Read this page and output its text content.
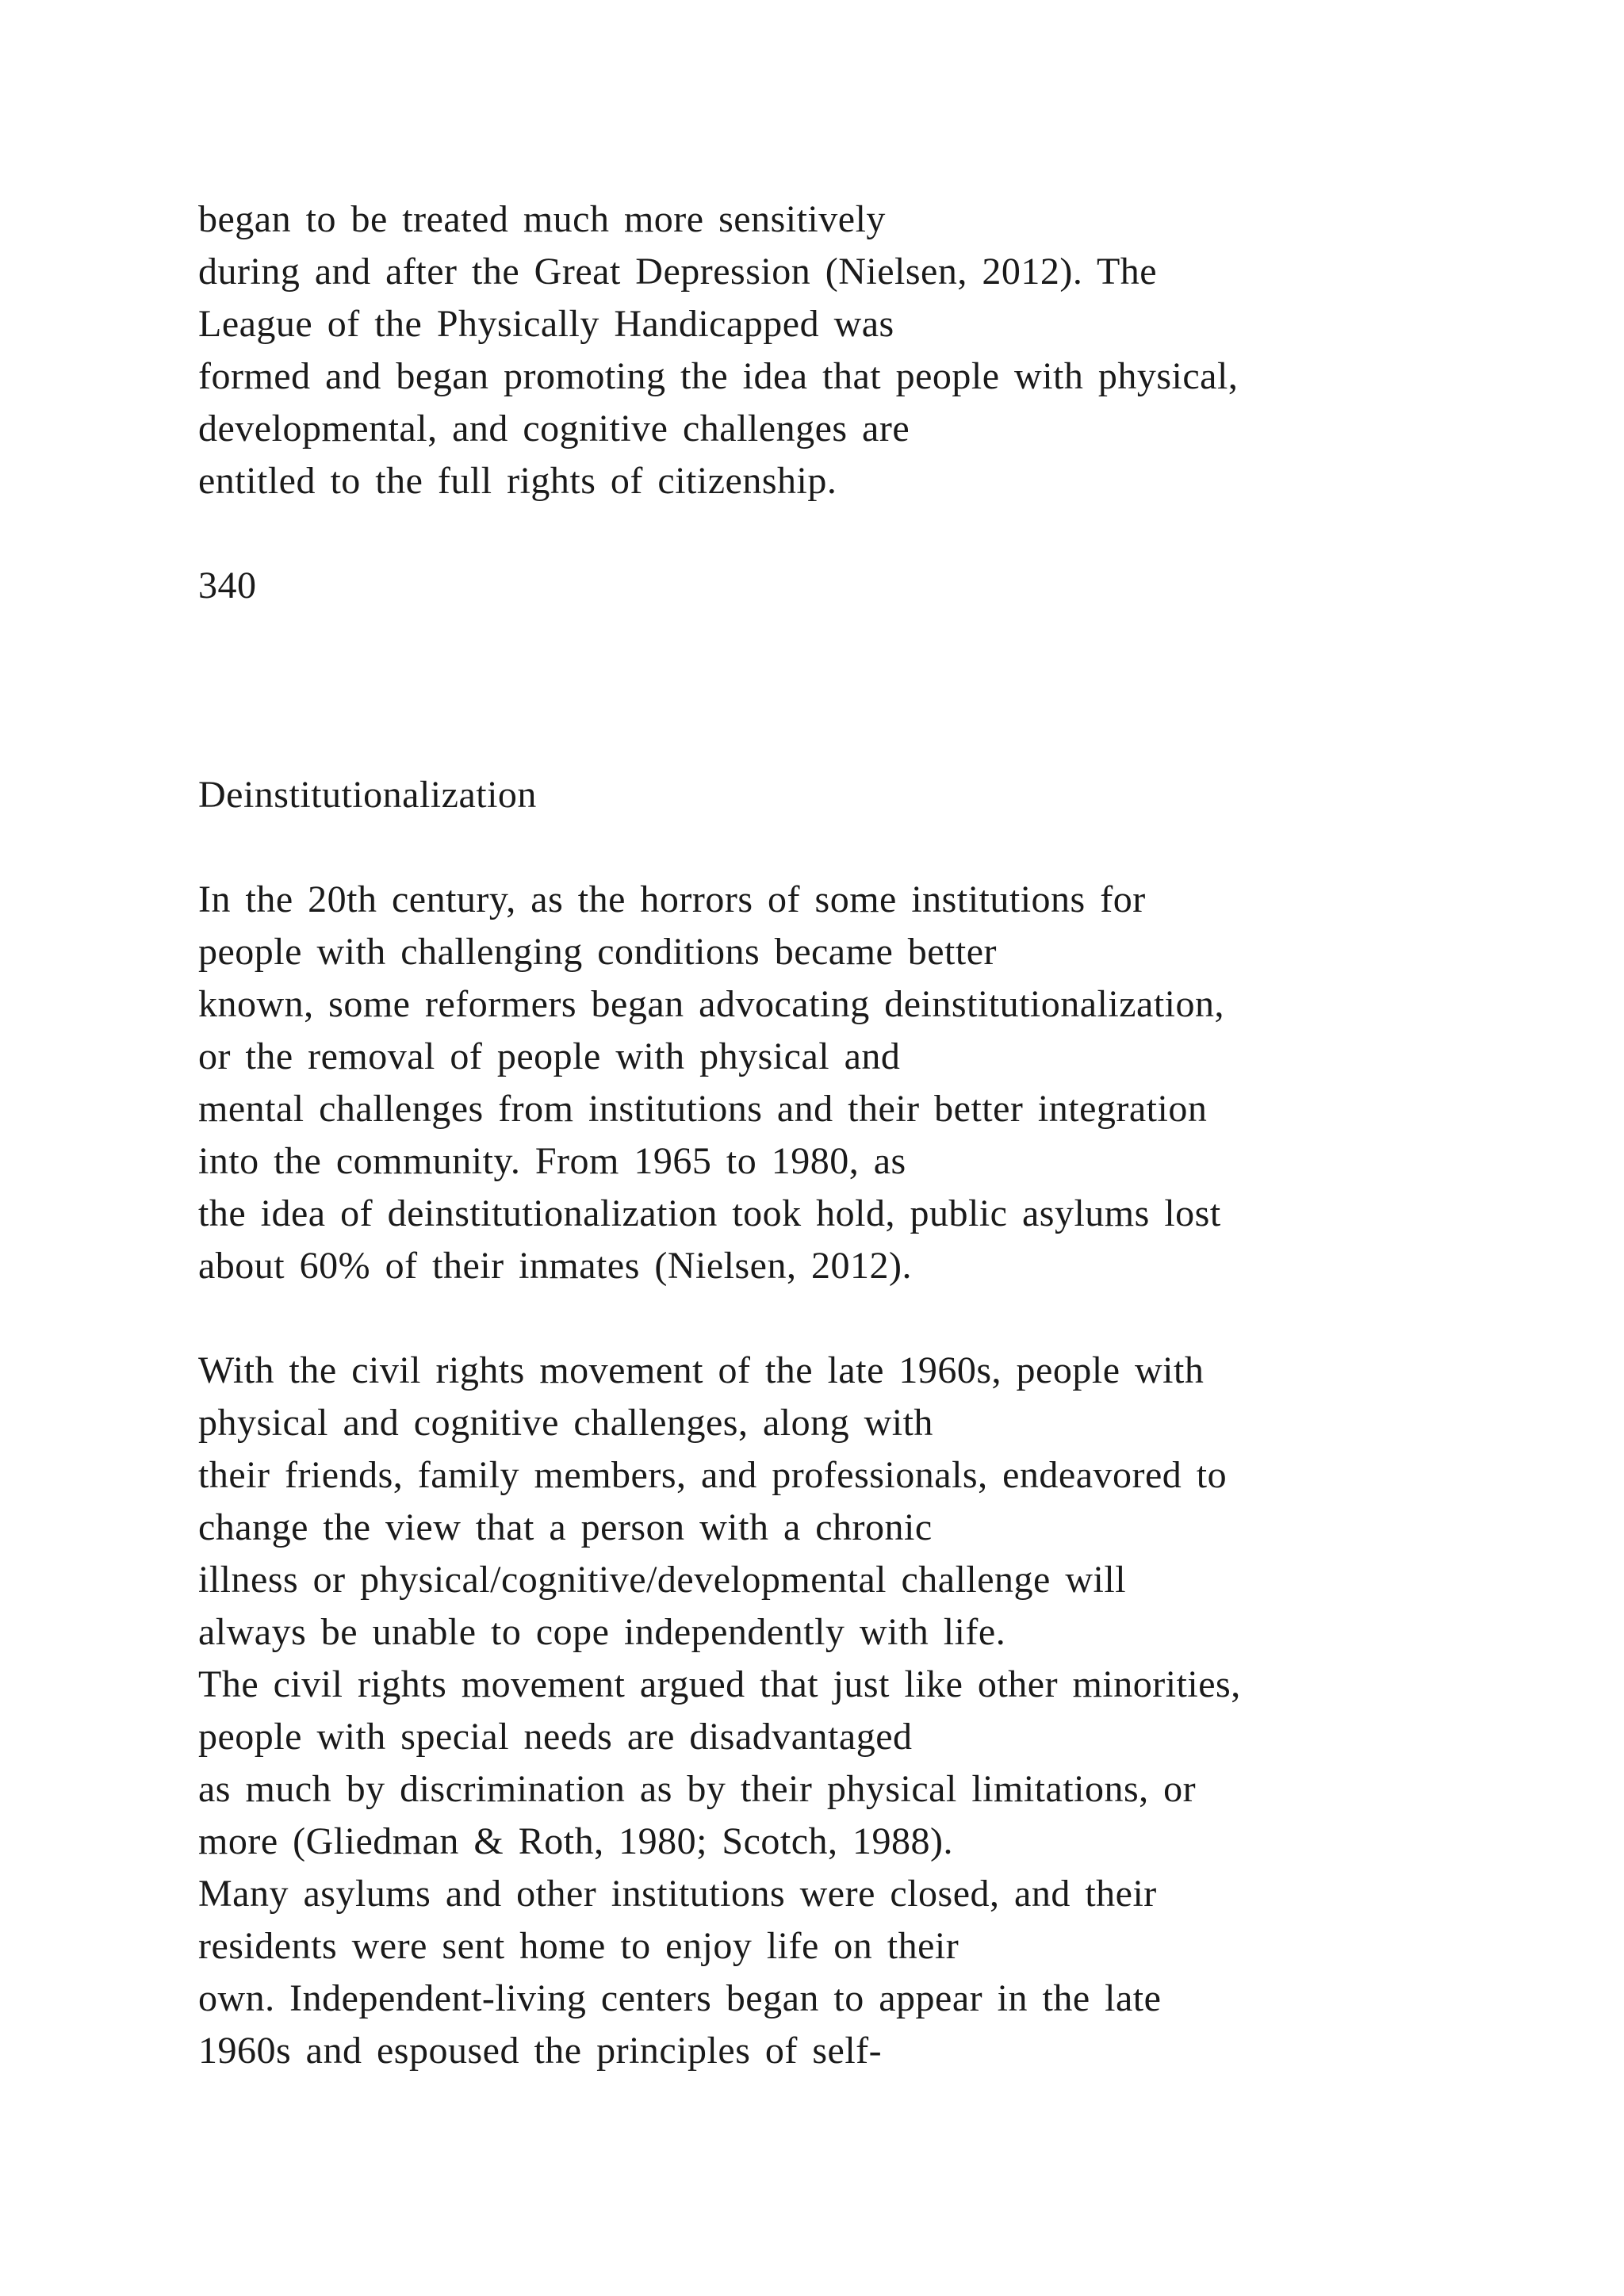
began to be treated much more sensitively
during and after the Great Depression (Nielsen, 2012). The
League of the Physically Handicapped was
formed and began promoting the idea that people with physical,
developmental, and cognitive challenges are
entitled to the full rights of citizenship.
340
Deinstitutionalization
In the 20th century, as the horrors of some institutions for
people with challenging conditions became better
known, some reformers began advocating deinstitutionalization,
or the removal of people with physical and
mental challenges from institutions and their better integration
into the community. From 1965 to 1980, as
the idea of deinstitutionalization took hold, public asylums lost
about 60% of their inmates (Nielsen, 2012).
With the civil rights movement of the late 1960s, people with
physical and cognitive challenges, along with
their friends, family members, and professionals, endeavored to
change the view that a person with a chronic
illness or physical/cognitive/developmental challenge will
always be unable to cope independently with life.
The civil rights movement argued that just like other minorities,
people with special needs are disadvantaged
as much by discrimination as by their physical limitations, or
more (Gliedman & Roth, 1980; Scotch, 1988).
Many asylums and other institutions were closed, and their
residents were sent home to enjoy life on their
own. Independent-living centers began to appear in the late
1960s and espoused the principles of self-
